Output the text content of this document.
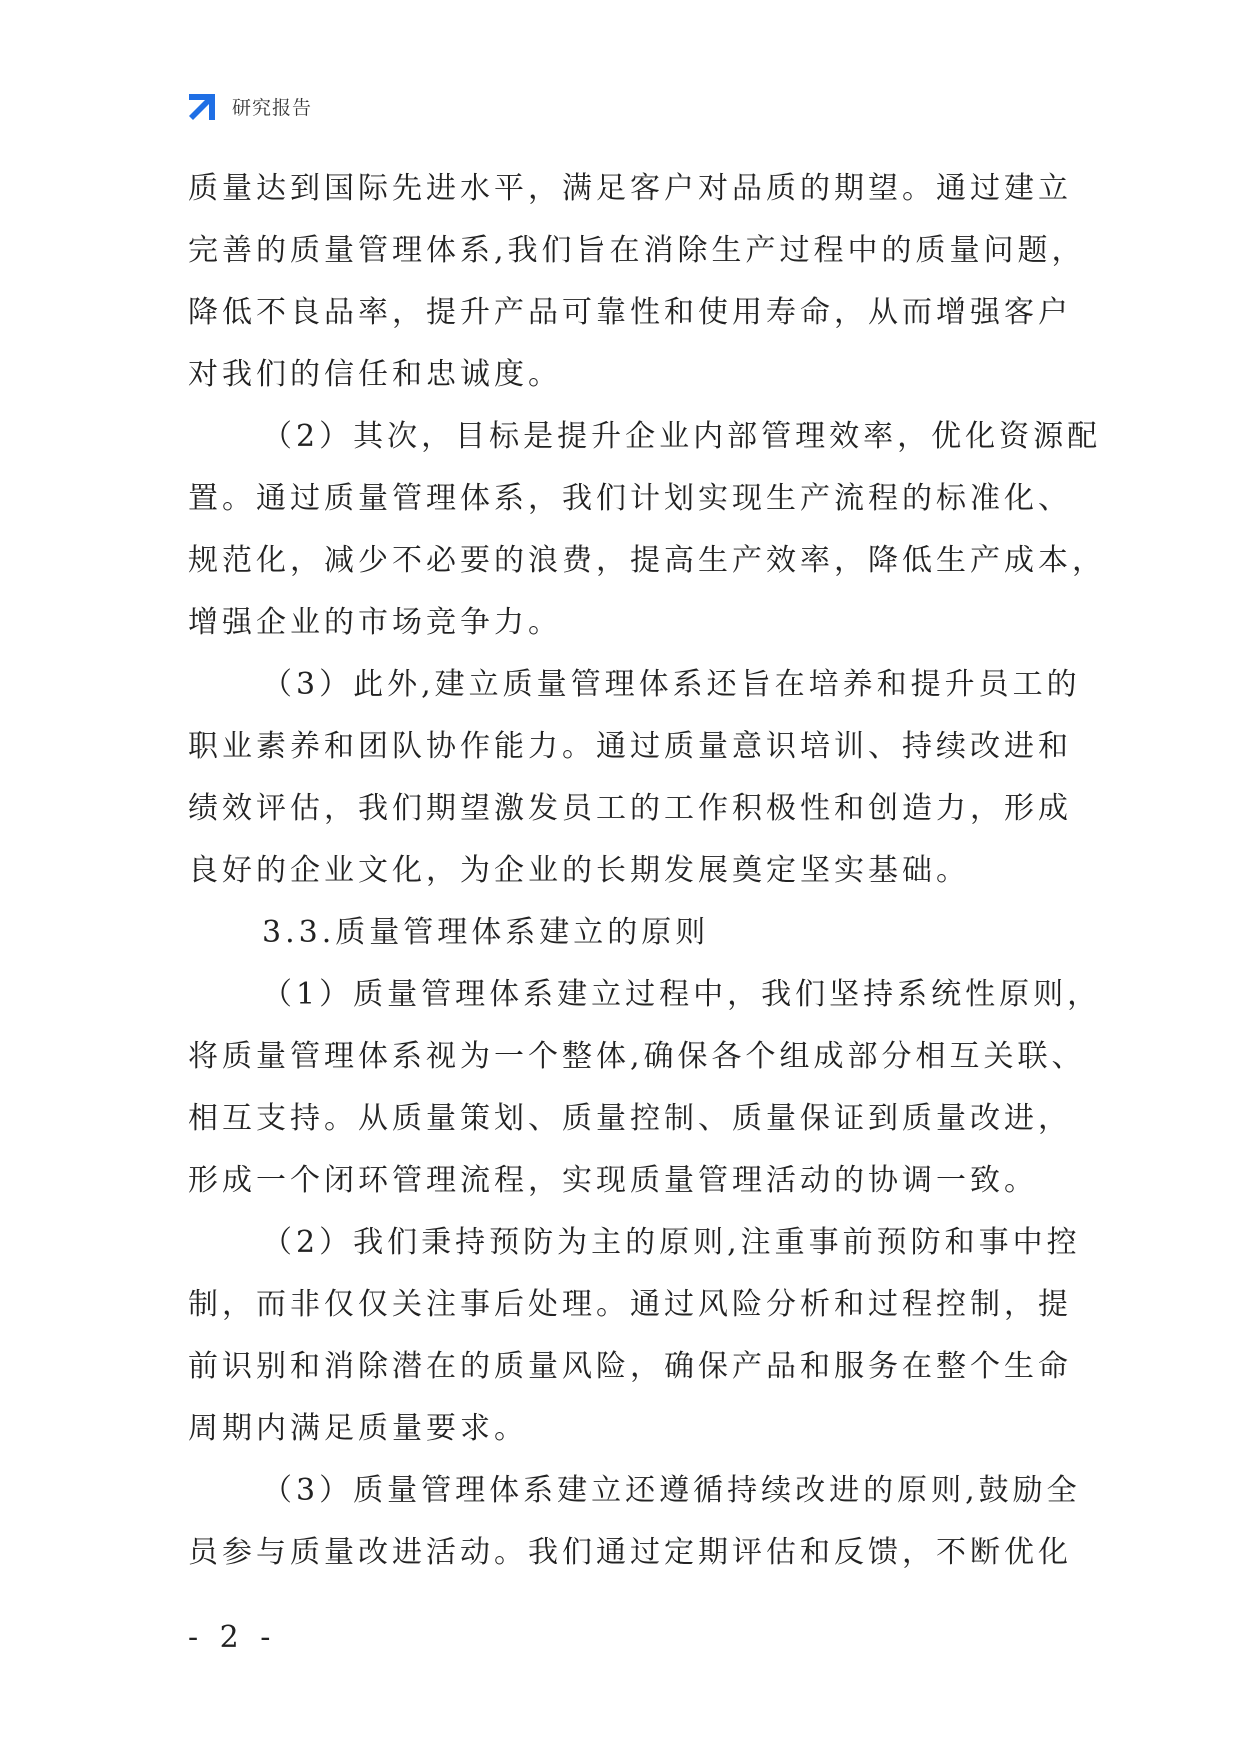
研究报告

质量达到国际先进水平，满足客户对品质的期望。通过建立

完善的质量管理体系,我们旨在消除生产过程中的质量问题，

降低不良品率，提升产品可靠性和使用寿命，从而增强客户

对我们的信任和忠诚度。

（2）其次，目标是提升企业内部管理效率，优化资源配

置。通过质量管理体系，我们计划实现生产流程的标准化、

规范化，减少不必要的浪费，提高生产效率，降低生产成本，

增强企业的市场竞争力。

（3）此外,建立质量管理体系还旨在培养和提升员工的

职业素养和团队协作能力。通过质量意识培训、持续改进和

绩效评估，我们期望激发员工的工作积极性和创造力，形成

良好的企业文化，为企业的长期发展奠定坚实基础。

3.3.质量管理体系建立的原则

（1）质量管理体系建立过程中，我们坚持系统性原则，

将质量管理体系视为一个整体,确保各个组成部分相互关联、

相互支持。从质量策划、质量控制、质量保证到质量改进，

形成一个闭环管理流程，实现质量管理活动的协调一致。

（2）我们秉持预防为主的原则,注重事前预防和事中控

制，而非仅仅关注事后处理。通过风险分析和过程控制，提

前识别和消除潜在的质量风险，确保产品和服务在整个生命

周期内满足质量要求。

（3）质量管理体系建立还遵循持续改进的原则,鼓励全

员参与质量改进活动。我们通过定期评估和反馈，不断优化

- 2 -
